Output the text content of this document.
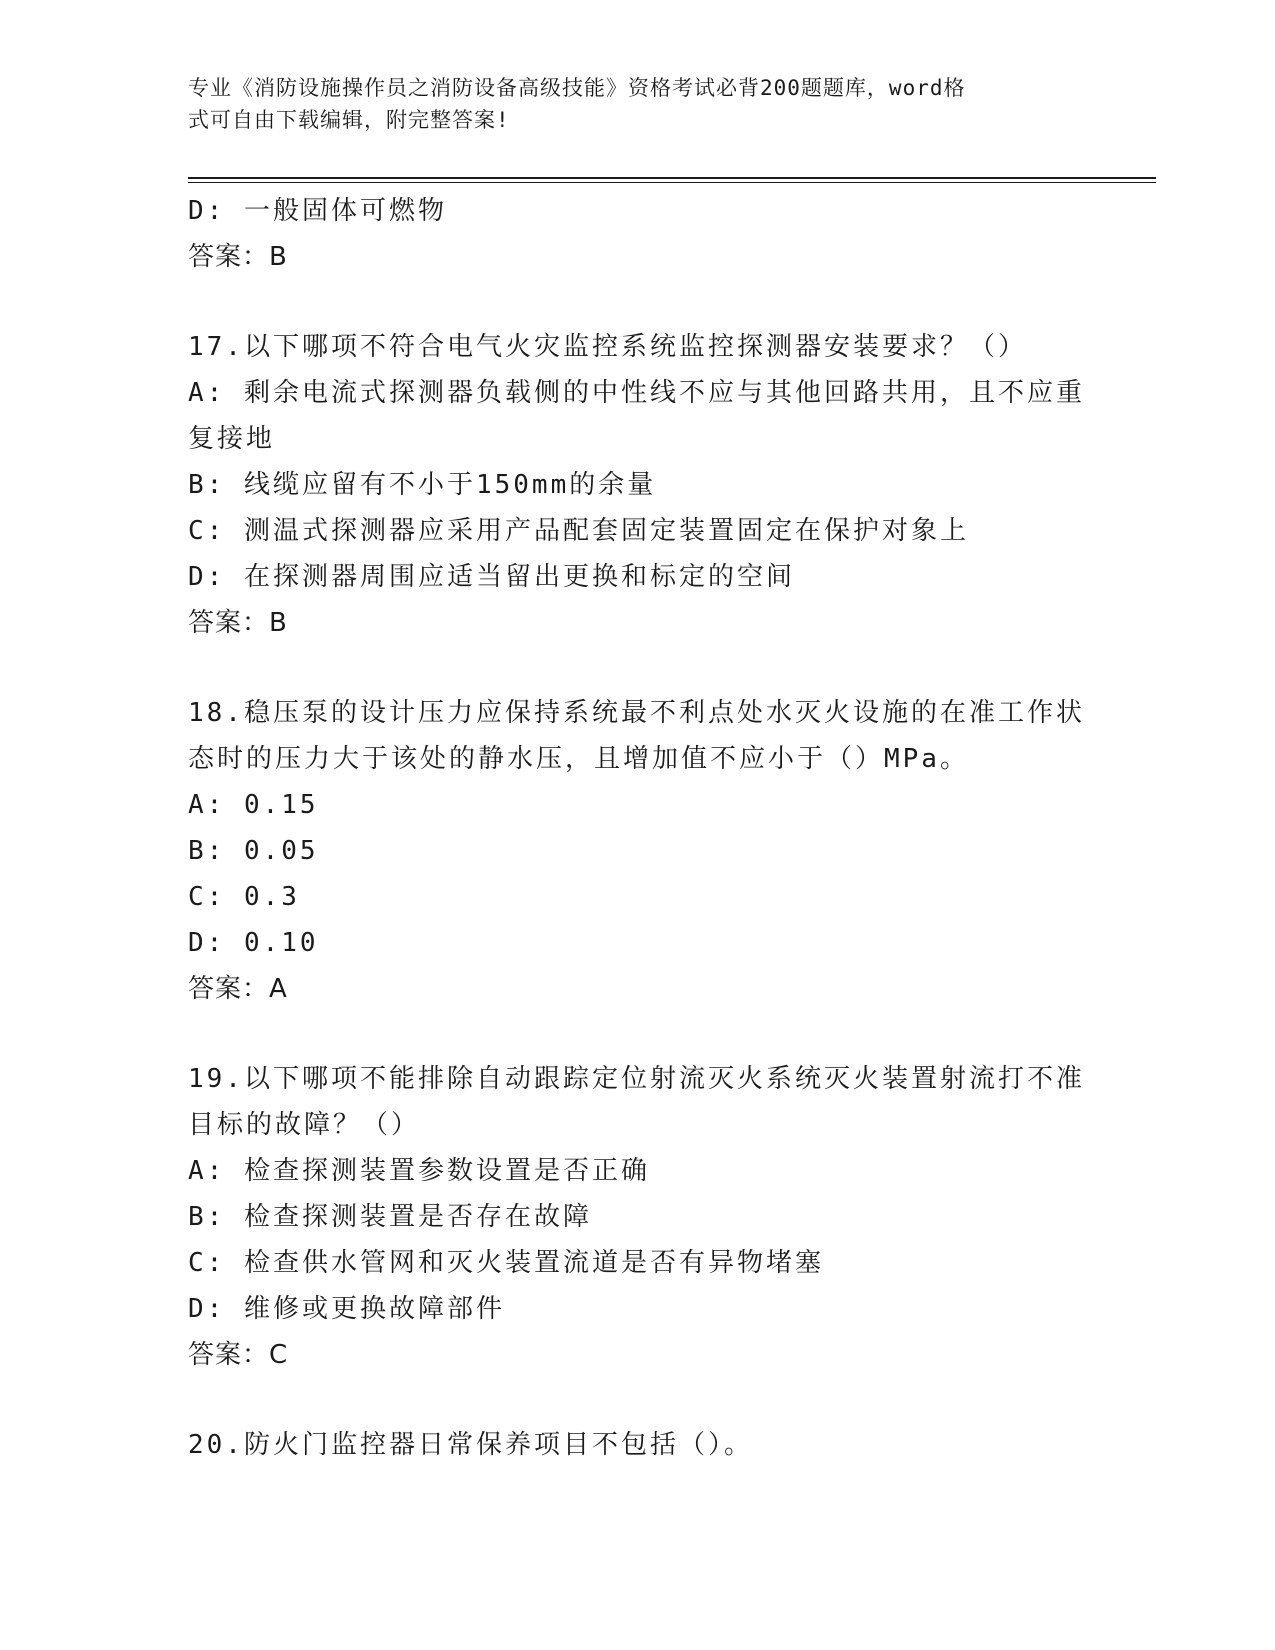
专业《消防设施操作员之消防设备高级技能》资格考试必背200题题库，word格
式可自由下载编辑，附完整答案!

D: 一般固体可燃物

答案：B

17.以下哪项不符合电气火灾监控系统监控探测器安装要求？（）

A: 剩余电流式探测器负载侧的中性线不应与其他回路共用，且不应重

复接地

B: 线缆应留有不小于150mm的余量

C: 测温式探测器应采用产品配套固定装置固定在保护对象上

D: 在探测器周围应适当留出更换和标定的空间

答案：B

18.稳压泵的设计压力应保持系统最不利点处水灭火设施的在准工作状

态时的压力大于该处的静水压，且增加值不应小于（）MPa。

A: 0.15

B: 0.05

C: 0.3

D: 0.10

答案：A

19.以下哪项不能排除自动跟踪定位射流灭火系统灭火装置射流打不准

目标的故障？（）

A: 检查探测装置参数设置是否正确

B: 检查探测装置是否存在故障

C: 检查供水管网和灭火装置流道是否有异物堵塞

D: 维修或更换故障部件

答案：C

20.防火门监控器日常保养项目不包括（）。
